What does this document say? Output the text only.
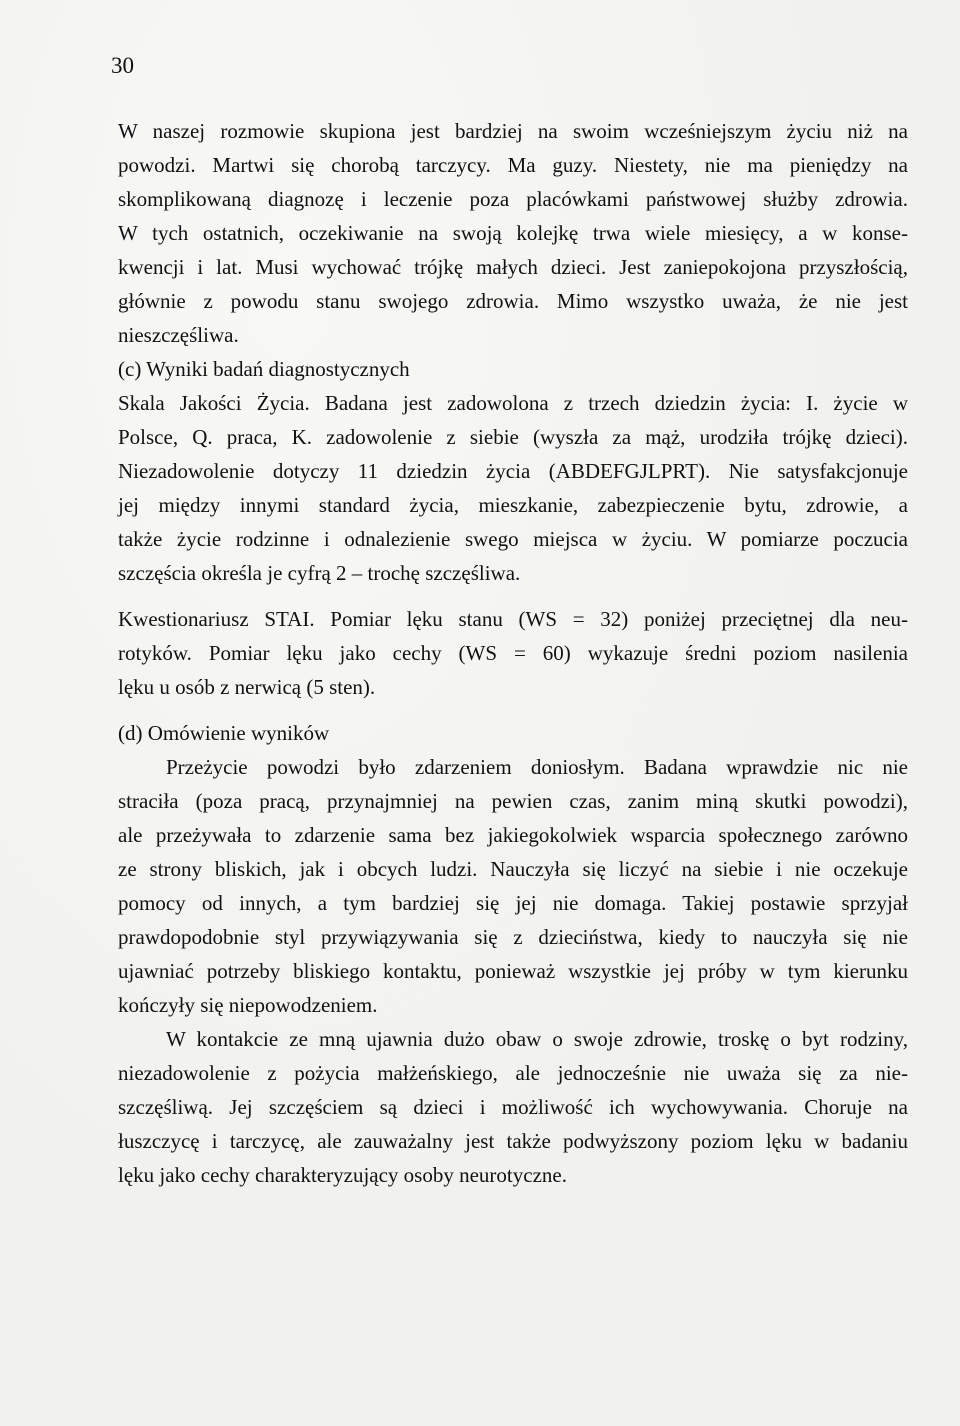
30
W naszej rozmowie skupiona jest bardziej na swoim wcześniejszym życiu niż na
powodzi. Martwi się chorobą tarczycy. Ma guzy. Niestety, nie ma pieniędzy na
skomplikowaną diagnozę i leczenie poza placówkami państwowej służby zdrowia.
W tych ostatnich, oczekiwanie na swoją kolejkę trwa wiele miesięcy, a w konse-
kwencji i lat. Musi wychować trójkę małych dzieci. Jest zaniepokojona przyszłością,
głównie z powodu stanu swojego zdrowia. Mimo wszystko uważa, że nie jest
nieszczęśliwa.
(c) Wyniki badań diagnostycznych
Skala Jakości Życia. Badana jest zadowolona z trzech dziedzin życia: I. życie w
Polsce, Q. praca, K. zadowolenie z siebie (wyszła za mąż, urodziła trójkę dzieci).
Niezadowolenie dotyczy 11 dziedzin życia (ABDEFGJLPRT). Nie satysfakcjonuje
jej między innymi standard życia, mieszkanie, zabezpieczenie bytu, zdrowie, a
także życie rodzinne i odnalezienie swego miejsca w życiu. W pomiarze poczucia
szczęścia określa je cyfrą 2 – trochę szczęśliwa.
Kwestionariusz STAI. Pomiar lęku stanu (WS = 32) poniżej przeciętnej dla neu-
rotyków. Pomiar lęku jako cechy (WS = 60) wykazuje średni poziom nasilenia
lęku u osób z nerwicą (5 sten).
(d) Omówienie wyników
Przeżycie powodzi było zdarzeniem doniosłym. Badana wprawdzie nic nie
straciła (poza pracą, przynajmniej na pewien czas, zanim miną skutki powodzi),
ale przeżywała to zdarzenie sama bez jakiegokolwiek wsparcia społecznego zarówno
ze strony bliskich, jak i obcych ludzi. Nauczyła się liczyć na siebie i nie oczekuje
pomocy od innych, a tym bardziej się jej nie domaga. Takiej postawie sprzyjał
prawdopodobnie styl przywiązywania się z dzieciństwa, kiedy to nauczyła się nie
ujawniać potrzeby bliskiego kontaktu, ponieważ wszystkie jej próby w tym kierunku
kończyły się niepowodzeniem.
W kontakcie ze mną ujawnia dużo obaw o swoje zdrowie, troskę o byt rodziny,
niezadowolenie z pożycia małżeńskiego, ale jednocześnie nie uważa się za nie-
szczęśliwą. Jej szczęściem są dzieci i możliwość ich wychowywania. Choruje na
łuszczycę i tarczycę, ale zauważalny jest także podwyższony poziom lęku w badaniu
lęku jako cechy charakteryzujący osoby neurotyczne.
